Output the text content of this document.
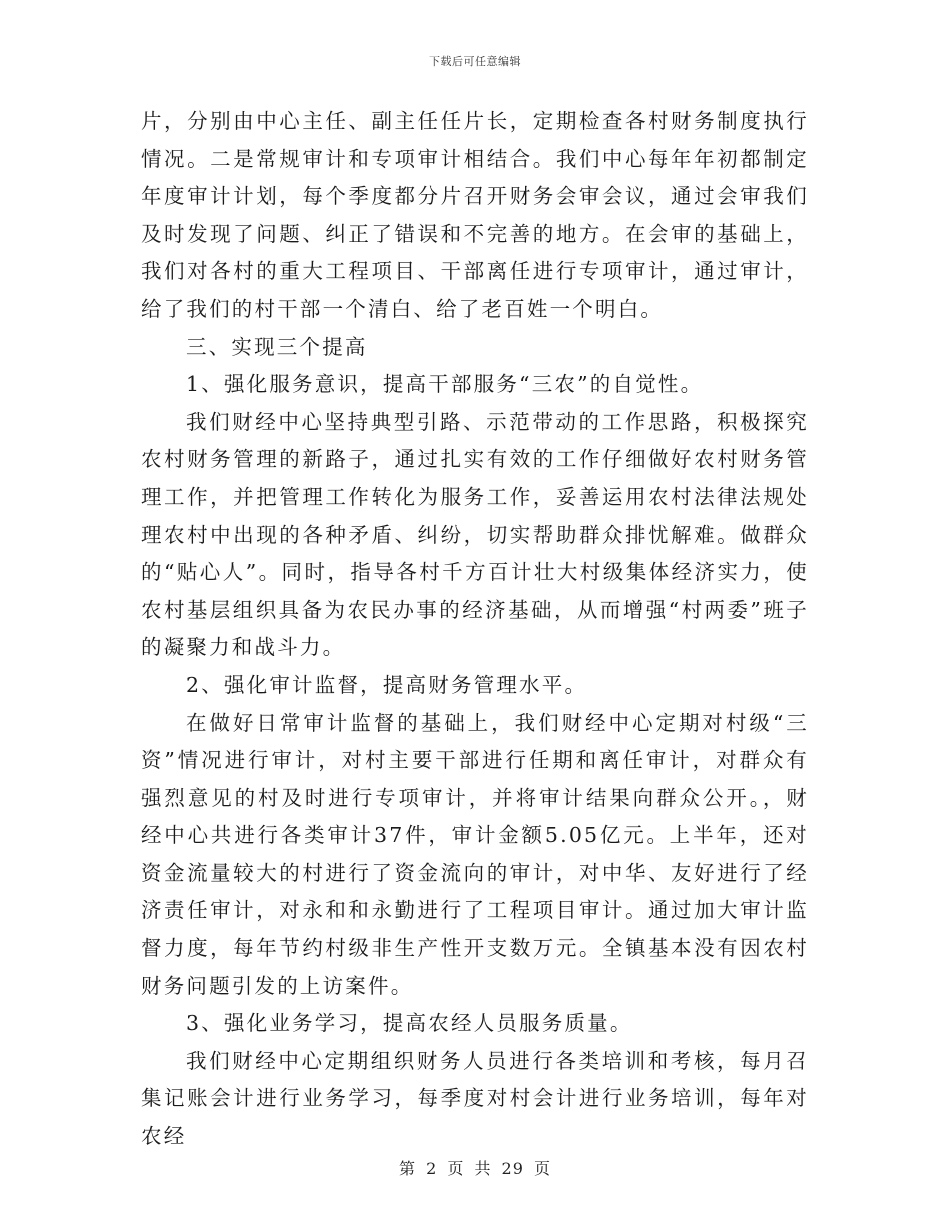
下载后可任意编辑

片，分别由中心主任、副主任任片长，定期检查各村财务制度执行情况。二是常规审计和专项审计相结合。我们中心每年年初都制定年度审计计划，每个季度都分片召开财务会审会议，通过会审我们及时发现了问题、纠正了错误和不完善的地方。在会审的基础上，我们对各村的重大工程项目、干部离任进行专项审计，通过审计，给了我们的村干部一个清白、给了老百姓一个明白。

三、实现三个提高

1、强化服务意识，提高干部服务“三农”的自觉性。

我们财经中心坚持典型引路、示范带动的工作思路，积极探究农村财务管理的新路子，通过扎实有效的工作仔细做好农村财务管理工作，并把管理工作转化为服务工作，妥善运用农村法律法规处理农村中出现的各种矛盾、纠纷，切实帮助群众排忧解难。做群众的“贴心人”。同时，指导各村千方百计壮大村级集体经济实力，使农村基层组织具备为农民办事的经济基础，从而增强“村两委”班子的凝聚力和战斗力。

2、强化审计监督，提高财务管理水平。

在做好日常审计监督的基础上，我们财经中心定期对村级“三资”情况进行审计，对村主要干部进行任期和离任审计，对群众有强烈意见的村及时进行专项审计，并将审计结果向群众公开。，财经中心共进行各类审计37件，审计金额5.05亿元。上半年，还对资金流量较大的村进行了资金流向的审计，对中华、友好进行了经济责任审计，对永和和永勤进行了工程项目审计。通过加大审计监督力度，每年节约村级非生产性开支数万元。全镇基本没有因农村财务问题引发的上访案件。

3、强化业务学习，提高农经人员服务质量。

我们财经中心定期组织财务人员进行各类培训和考核，每月召集记账会计进行业务学习，每季度对村会计进行业务培训，每年对农经

第 2 页 共 29 页
